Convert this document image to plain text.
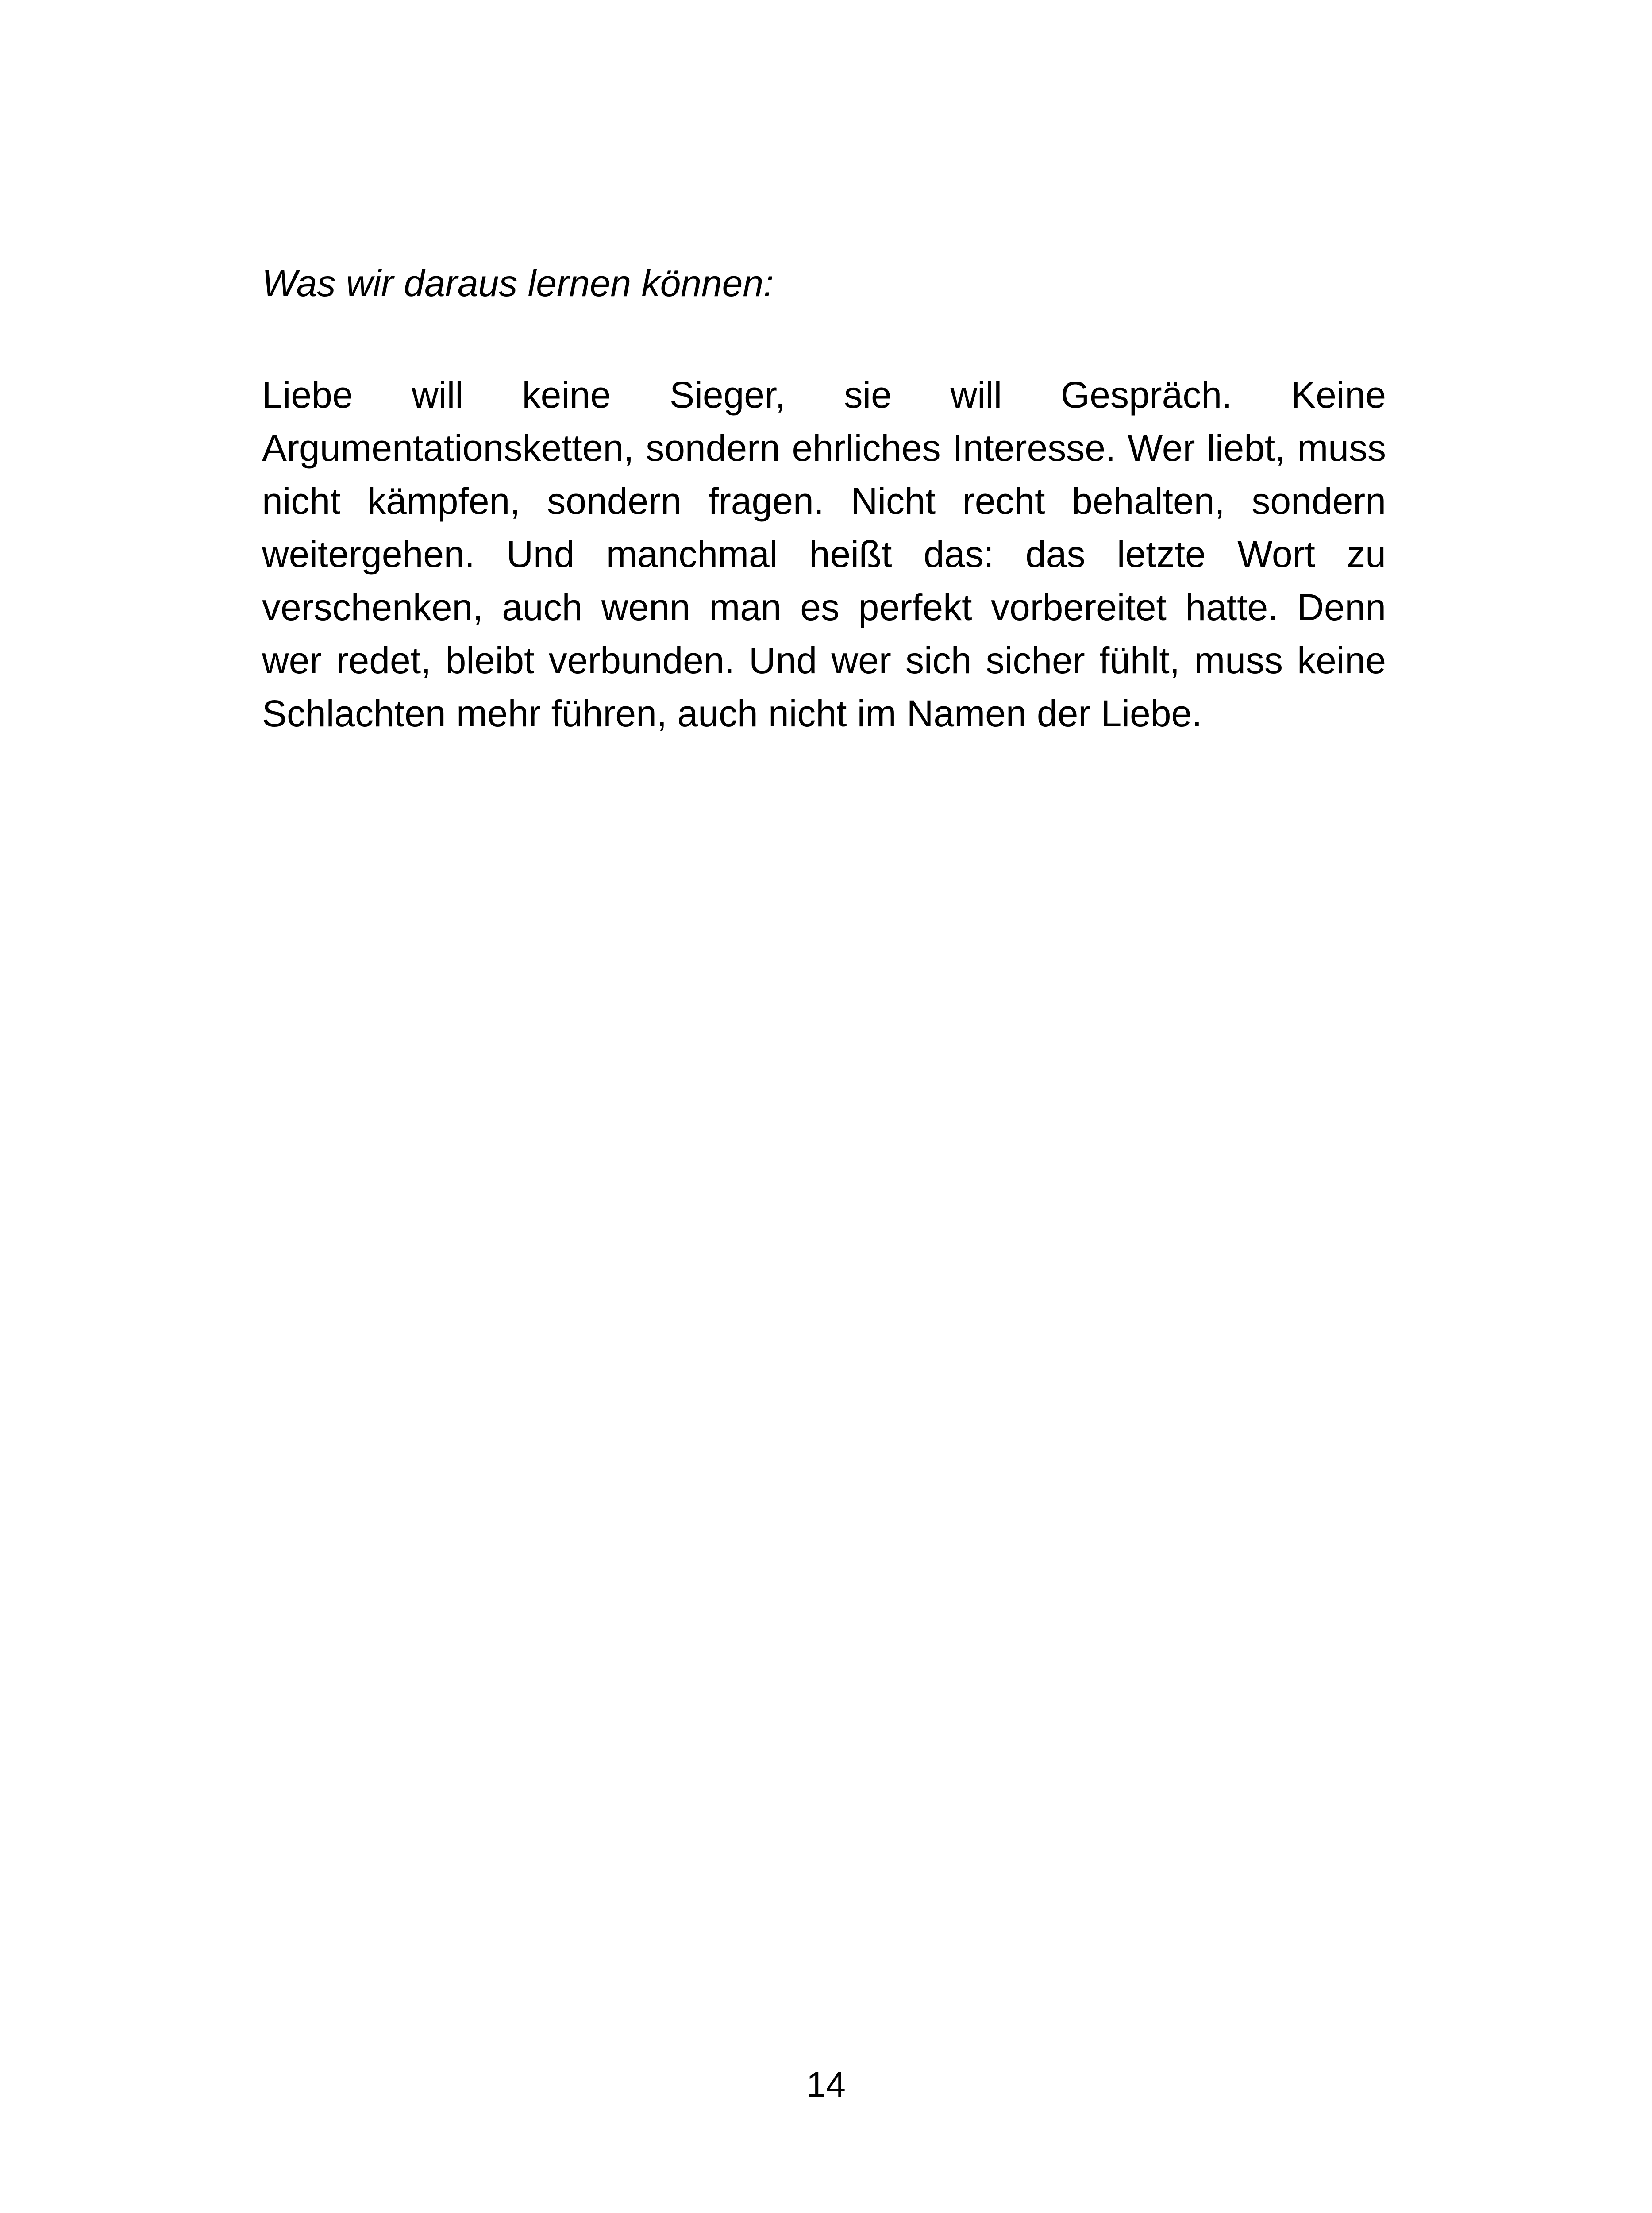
Was wir daraus lernen können:

Liebe will keine Sieger, sie will Gespräch. Keine Argumentationsketten, sondern ehrliches Interesse. Wer liebt, muss nicht kämpfen, sondern fragen. Nicht recht behalten, sondern weitergehen. Und manchmal heißt das: das letzte Wort zu verschenken, auch wenn man es perfekt vorbereitet hatte. Denn wer redet, bleibt verbunden. Und wer sich sicher fühlt, muss keine Schlachten mehr führen, auch nicht im Namen der Liebe.

14
